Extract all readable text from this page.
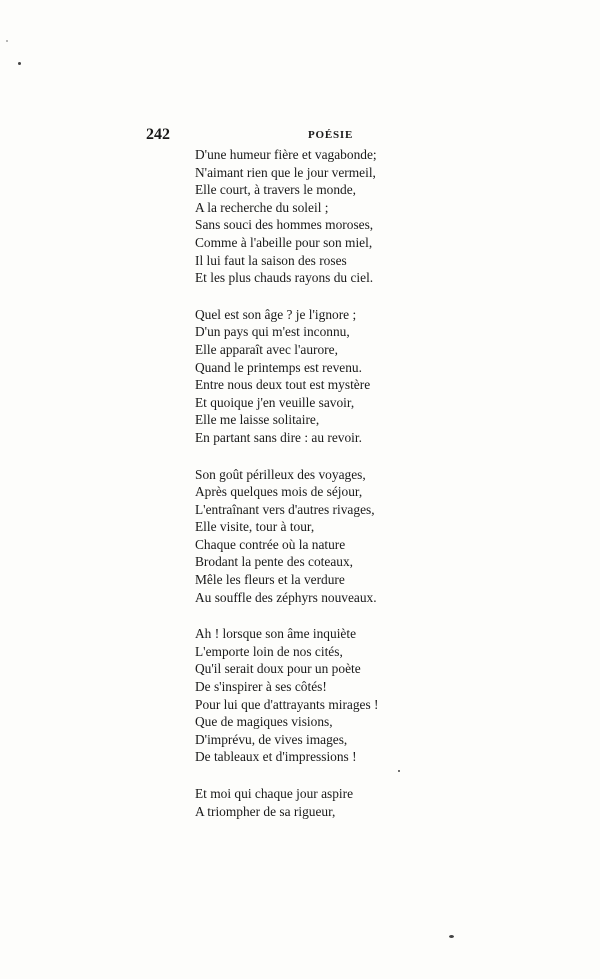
242	POÉSIE
D'une humeur fière et vagabonde;
N'aimant rien que le jour vermeil,
Elle court, à travers le monde,
A la recherche du soleil ;
Sans souci des hommes moroses,
Comme à l'abeille pour son miel,
Il lui faut la saison des roses
Et les plus chauds rayons du ciel.
Quel est son âge ? je l'ignore ;
D'un pays qui m'est inconnu,
Elle apparaît avec l'aurore,
Quand le printemps est revenu.
Entre nous deux tout est mystère
Et quoique j'en veuille savoir,
Elle me laisse solitaire,
En partant sans dire : au revoir.
Son goût périlleux des voyages,
Après quelques mois de séjour,
L'entraînant vers d'autres rivages,
Elle visite, tour à tour,
Chaque contrée où la nature
Brodant la pente des coteaux,
Mêle les fleurs et la verdure
Au souffle des zéphyrs nouveaux.
Ah ! lorsque son âme inquiète
L'emporte loin de nos cités,
Qu'il serait doux pour un poète
De s'inspirer à ses côtés!
Pour lui que d'attrayants mirages !
Que de magiques visions,
D'imprévu, de vives images,
De tableaux et d'impressions !
Et moi qui chaque jour aspire
A triompher de sa rigueur,
